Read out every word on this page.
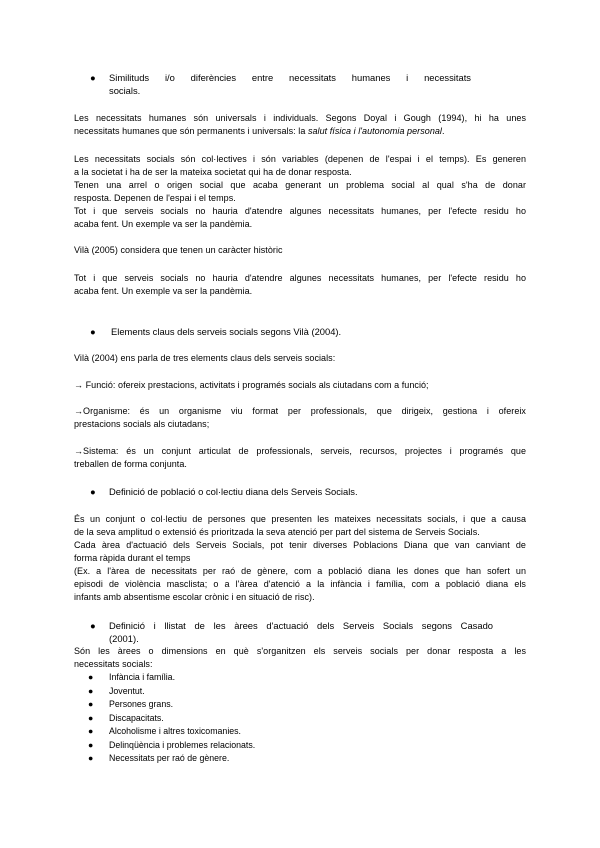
● Similituds i/o diferències entre necessitats humanes i necessitats
socials.
Les necessitats humanes són universals i individuals. Segons Doyal i Gough (1994), hi ha unes
necessitats humanes que són permanents i universals: la salut física i l'autonomia personal.
Les necessitats socials són col·lectives i són variables (depenen de l'espai i el temps). Es generen
a la societat i ha de ser la mateixa societat qui ha de donar resposta.
Tenen una arrel o origen social que acaba generant un problema social al qual s'ha de donar
resposta. Depenen de l'espai i el temps.
Tot i que serveis socials no hauria d'atendre algunes necessitats humanes, per l'efecte residu ho
acaba fent. Un exemple va ser la pandèmia.
Vilà (2005) considera que tenen un caràcter històric
Tot i que serveis socials no hauria d'atendre algunes necessitats humanes, per l'efecte residu ho
acaba fent. Un exemple va ser la pandèmia.
● Elements claus dels serveis socials segons Vilà (2004).
Vilà (2004) ens parla de tres elements claus dels serveis socials:
→ Funció: ofereix prestacions, activitats i programés socials als ciutadans com a funció;
→Organisme: és un organisme viu format per professionals, que dirigeix, gestiona i ofereix
prestacions socials als ciutadans;
→Sistema: és un conjunt articulat de professionals, serveis, recursos, projectes i programés que
treballen de forma conjunta.
● Definició de població o col·lectiu diana dels Serveis Socials.
És un conjunt o col·lectiu de persones que presenten les mateixes necessitats socials, i que a causa
de la seva amplitud o extensió és prioritzada la seva atenció per part del sistema de Serveis Socials.
Cada àrea d'actuació dels Serveis Socials, pot tenir diverses Poblacions Diana que van canviant de
forma ràpida durant el temps
(Ex. a l'àrea de necessitats per raó de gènere, com a població diana les dones que han sofert un
episodi de violència masclista; o a l'àrea d'atenció a la infància i família, com a població diana els
infants amb absentisme escolar crònic i en situació de risc).
● Definició i llistat de les àrees d'actuació dels Serveis Socials segons Casado
(2001).
Són les àrees o dimensions en què s'organitzen els serveis socials per donar resposta a les
necessitats socials:
● Infància i família.
● Joventut.
● Persones grans.
● Discapacitats.
● Alcoholisme i altres toxicomanies.
● Delinqüència i problemes relacionats.
● Necessitats per raó de gènere.
